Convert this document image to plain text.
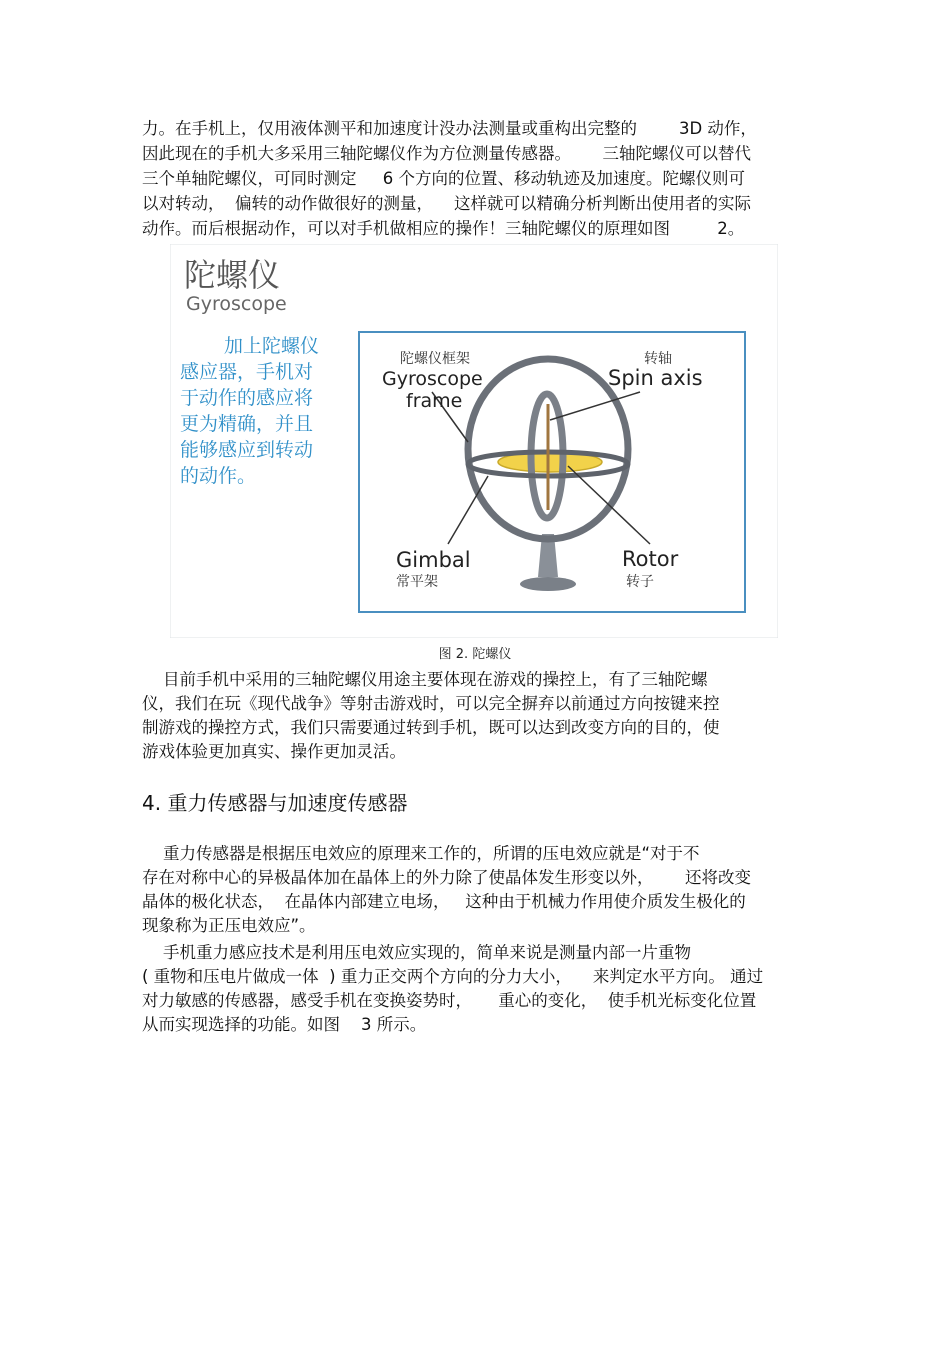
力。在手机上，仅用液体测平和加速度计没办法测量或重构出完整的        3D 动作，
因此现在的手机大多采用三轴陀螺仪作为方位测量传感器。      三轴陀螺仪可以替代
三个单轴陀螺仪，可同时测定     6 个方向的位置、移动轨迹及加速度。陀螺仪则可
以对转动，  偏转的动作做很好的测量，    这样就可以精确分析判断出使用者的实际
动作。而后根据动作，可以对手机做相应的操作！三轴陀螺仪的原理如图         2。
陀螺仪
Gyroscope
加上陀螺仪
感应器，手机对
于动作的感应将
更为精确，并且
能够感应到转动
的动作。
陀螺仪框架
Gyroscope
frame
转轴
Spin axis
Gimbal
常平架
Rotor
转子
图 2. 陀螺仪
目前手机中采用的三轴陀螺仪用途主要体现在游戏的操控上，有了三轴陀螺
仪，我们在玩《现代战争》等射击游戏时，可以完全摒弃以前通过方向按键来控
制游戏的操控方式，我们只需要通过转到手机，既可以达到改变方向的目的，使
游戏体验更加真实、操作更加灵活。
4. 重力传感器与加速度传感器
重力传感器是根据压电效应的原理来工作的，所谓的压电效应就是“对于不
存在对称中心的异极晶体加在晶体上的外力除了使晶体发生形变以外，      还将改变
晶体的极化状态，  在晶体内部建立电场，   这种由于机械力作用使介质发生极化的
现象称为正压电效应”。
手机重力感应技术是利用压电效应实现的，简单来说是测量内部一片重物
( 重物和压电片做成一体  ) 重力正交两个方向的分力大小，    来判定水平方向。 通过
对力敏感的传感器，感受手机在变换姿势时，     重心的变化，  使手机光标变化位置
从而实现选择的功能。如图    3 所示。
